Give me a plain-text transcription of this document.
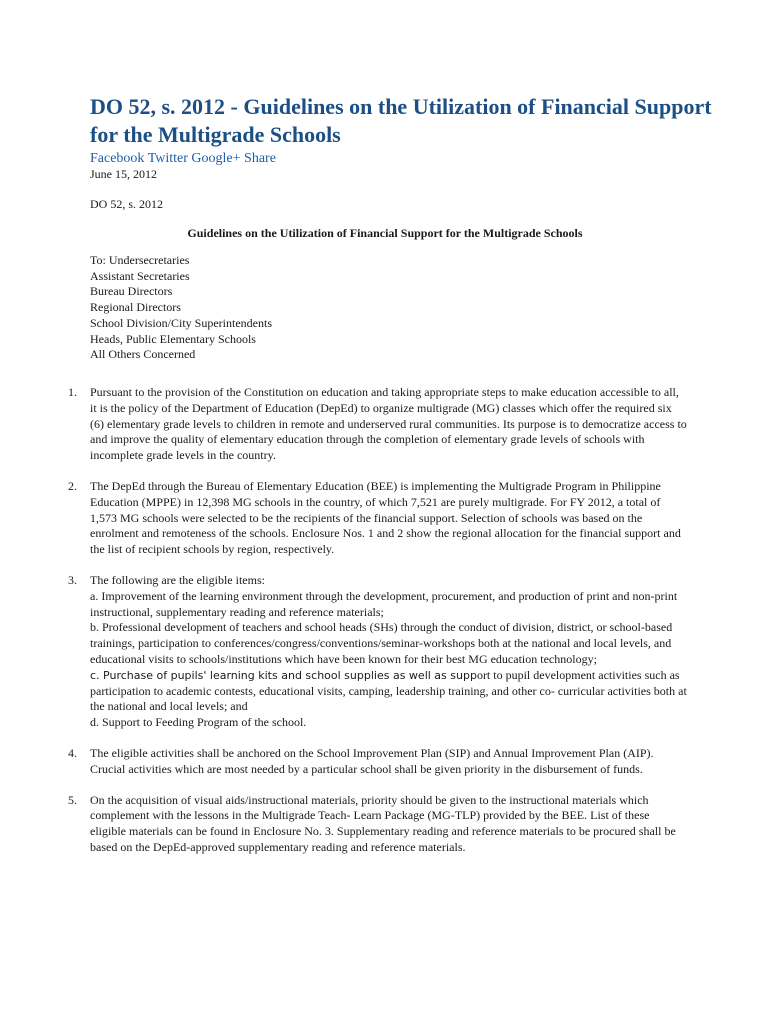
DO 52, s. 2012 - Guidelines on the Utilization of Financial Support for the Multigrade Schools
Facebook Twitter Google+ Share
June 15, 2012
DO 52, s. 2012
Guidelines on the Utilization of Financial Support for the Multigrade Schools
To: Undersecretaries
Assistant Secretaries
Bureau Directors
Regional Directors
School Division/City Superintendents
Heads, Public Elementary Schools
All Others Concerned
1. Pursuant to the provision of the Constitution on education and taking appropriate steps to make education accessible to all, it is the policy of the Department of Education (DepEd) to organize multigrade (MG) classes which offer the required six (6) elementary grade levels to children in remote and underserved rural communities. Its purpose is to democratize access to and improve the quality of elementary education through the completion of elementary grade levels of schools with incomplete grade levels in the country.
2. The DepEd through the Bureau of Elementary Education (BEE) is implementing the Multigrade Program in Philippine Education (MPPE) in 12,398 MG schools in the country, of which 7,521 are purely multigrade. For FY 2012, a total of 1,573 MG schools were selected to be the recipients of the financial support. Selection of schools was based on the enrolment and remoteness of the schools. Enclosure Nos. 1 and 2 show the regional allocation for the financial support and the list of recipient schools by region, respectively.
3. The following are the eligible items:
a. Improvement of the learning environment through the development, procurement, and production of print and non-print instructional, supplementary reading and reference materials;
b. Professional development of teachers and school heads (SHs) through the conduct of division, district, or school-based trainings, participation to conferences/congress/conventions/seminar-workshops both at the national and local levels, and educational visits to schools/institutions which have been known for their best MG education technology;
c. Purchase of pupils' learning kits and school supplies as well as support to pupil development activities such as participation to academic contests, educational visits, camping, leadership training, and other co- curricular activities both at the national and local levels; and
d. Support to Feeding Program of the school.
4. The eligible activities shall be anchored on the School Improvement Plan (SIP) and Annual Improvement Plan (AIP). Crucial activities which are most needed by a particular school shall be given priority in the disbursement of funds.
5. On the acquisition of visual aids/instructional materials, priority should be given to the instructional materials which complement with the lessons in the Multigrade Teach- Learn Package (MG-TLP) provided by the BEE. List of these eligible materials can be found in Enclosure No. 3. Supplementary reading and reference materials to be procured shall be based on the DepEd-approved supplementary reading and reference materials.
